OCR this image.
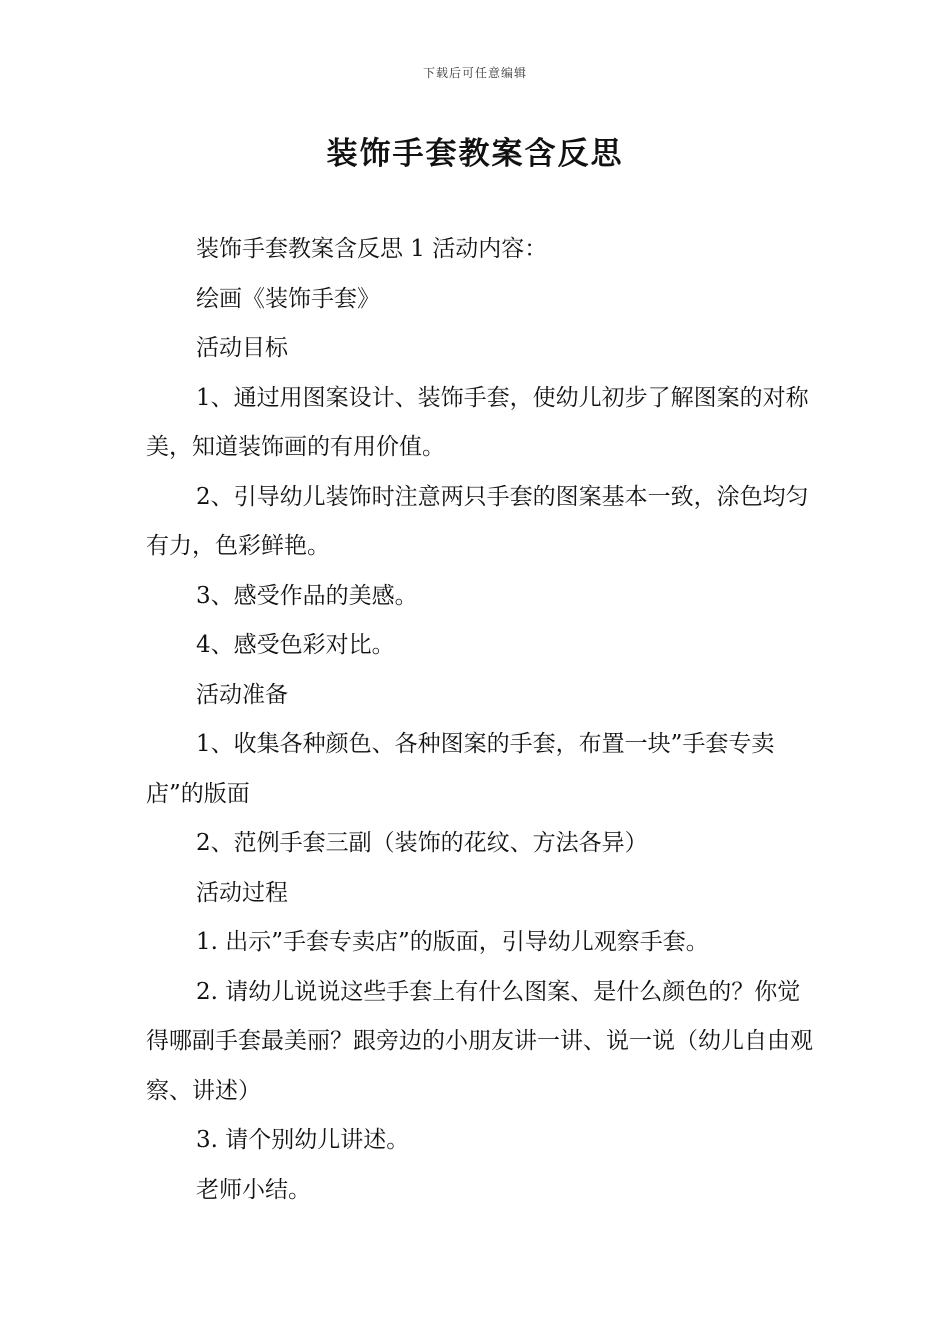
下载后可任意编辑
装饰手套教案含反思

装饰手套教案含反思 1 活动内容：

绘画《装饰手套》

活动目标

1、通过用图案设计、装饰手套，使幼儿初步了解图案的对称美，知道装饰画的有用价值。

2、引导幼儿装饰时注意两只手套的图案基本一致，涂色均匀有力，色彩鲜艳。

3、感受作品的美感。

4、感受色彩对比。

活动准备

1、收集各种颜色、各种图案的手套，布置一块”手套专卖店”的版面

2、范例手套三副（装饰的花纹、方法各异）

活动过程

1. 出示”手套专卖店”的版面，引导幼儿观察手套。

2. 请幼儿说说这些手套上有什么图案、是什么颜色的？你觉得哪副手套最美丽？跟旁边的小朋友讲一讲、说一说（幼儿自由观察、讲述）

3. 请个别幼儿讲述。

老师小结。
